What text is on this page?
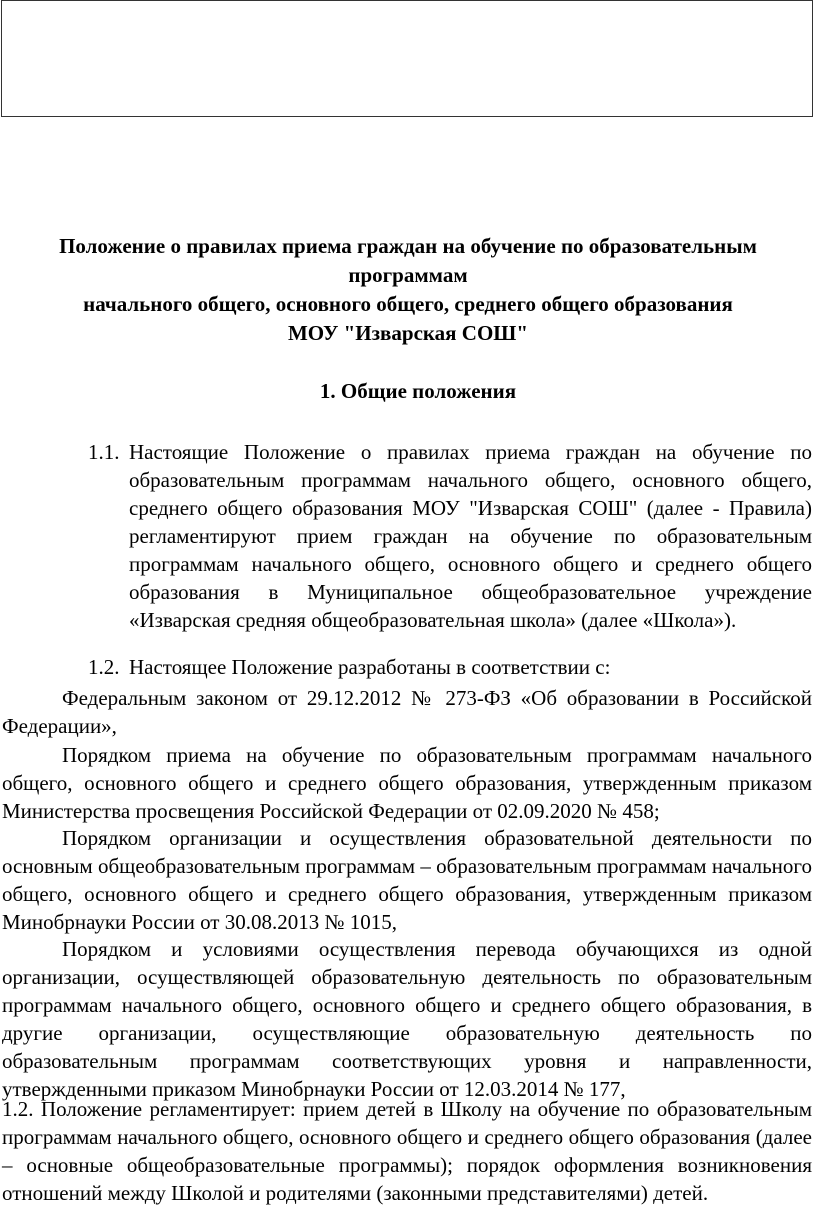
Положение о правилах приема граждан на обучение по образовательным
программам
начального общего, основного общего, среднего общего образования
МОУ "Изварская СОШ"
1. Общие положения
1.1. Настоящие Положение о правилах приема граждан на обучение по образовательным программам начального общего, основного общего, среднего общего образования МОУ "Изварская СОШ" (далее - Правила) регламентируют прием граждан на обучение по образовательным программам начального общего, основного общего и среднего общего образования в Муниципальное общеобразовательное учреждение «Изварская средняя общеобразовательная школа» (далее «Школа»).
1.2. Настоящее Положение разработаны в соответствии с:
Федеральным законом от 29.12.2012 № 273-ФЗ «Об образовании в Российской Федерации»,
Порядком приема на обучение по образовательным программам начального общего, основного общего и среднего общего образования, утвержденным приказом Министерства просвещения Российской Федерации от 02.09.2020 № 458;
Порядком организации и осуществления образовательной деятельности по основным общеобразовательным программам – образовательным программам начального общего, основного общего и среднего общего образования, утвержденным приказом Минобрнауки России от 30.08.2013 № 1015,
Порядком и условиями осуществления перевода обучающихся из одной организации, осуществляющей образовательную деятельность по образовательным программам начального общего, основного общего и среднего общего образования, в другие организации, осуществляющие образовательную деятельность по образовательным программам соответствующих уровня и направленности, утвержденными приказом Минобрнауки России от 12.03.2014 № 177,
1.2. Положение регламентирует: прием детей в Школу на обучение по образовательным программам начального общего, основного общего и среднего общего образования (далее – основные общеобразовательные программы); порядок оформления возникновения отношений между Школой и родителями (законными представителями) детей.
